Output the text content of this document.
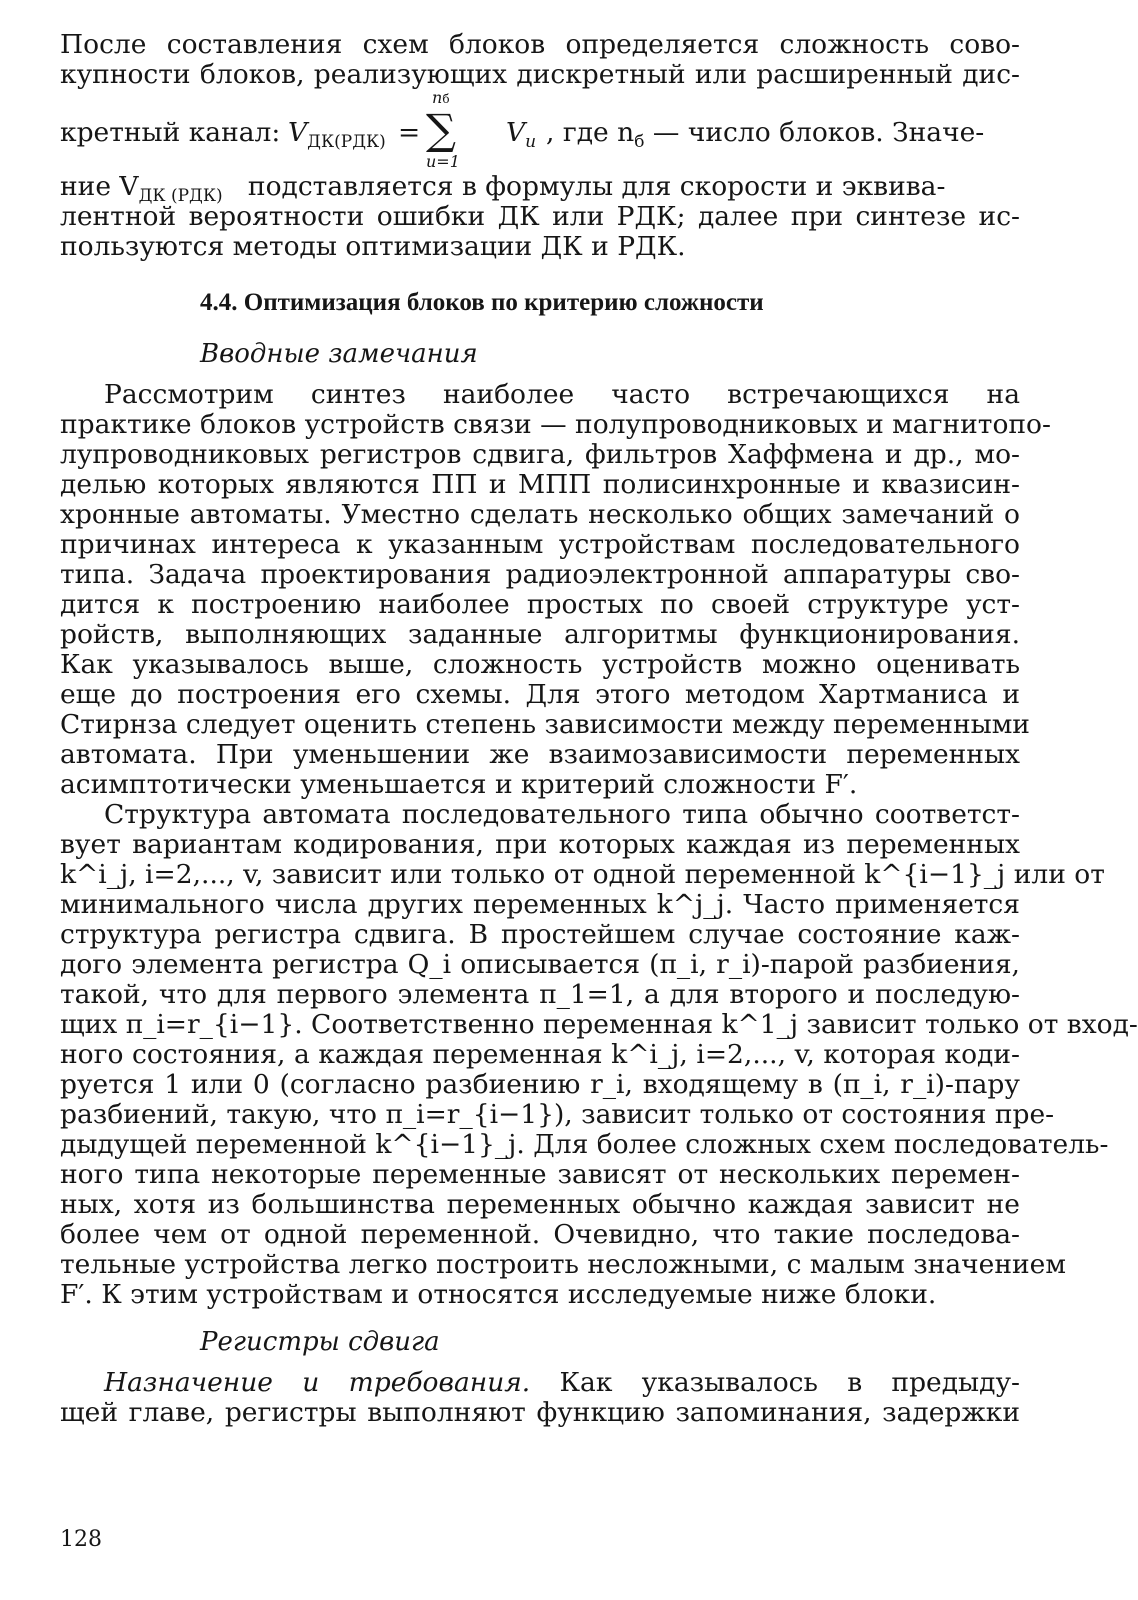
После составления схем блоков определяется сложность сово-
купности блоков, реализующих дискретный или расширенный дис-
кретный канал: $V_{ДК(РДК)}$ =
nб
∑
u=1
$V_u$ , где $n_б$ — число блоков. Значе-
ние $V_{ДК (РДК)}$   подставляется в формулы для скорости и эквива-
лентной вероятности ошибки ДК или РДК; далее при синтезе ис-
пользуются методы оптимизации ДК и РДК.
4.4. Оптимизация блоков по критерию сложности
Вводные замечания
Рассмотрим синтез наиболее часто встречающихся на
практике блоков устройств связи — полупроводниковых и магнитопо-
лупроводниковых регистров сдвига, фильтров Хаффмена и др., мо-
делью которых являются ПП и МПП полисинхронные и квазисин-
хронные автоматы. Уместно сделать несколько общих замечаний о
причинах интереса к указанным устройствам последовательного
типа. Задача проектирования радиоэлектронной аппаратуры сво-
дится к построению наиболее простых по своей структуре уст-
ройств, выполняющих заданные алгоритмы функционирования.
Как указывалось выше, сложность устройств можно оценивать
еще до построения его схемы. Для этого методом Хартманиса и
Стирнза следует оценить степень зависимости между переменными
автомата. При уменьшении же взаимозависимости переменных
асимптотически уменьшается и критерий сложности F′.
Структура автомата последовательного типа обычно соответст-
вует вариантам кодирования, при которых каждая из переменных
k^i_j, i=2,..., v, зависит или только от одной переменной k^{i−1}_j или от
минимального числа других переменных k^j_j. Часто применяется
структура регистра сдвига. В простейшем случае состояние каж-
дого элемента регистра Q_i описывается (π_i, r_i)-парой разбиения,
такой, что для первого элемента π_1=1, а для второго и последую-
щих π_i=r_{i−1}. Соответственно переменная k^1_j зависит только от вход-
ного состояния, а каждая переменная k^i_j, i=2,..., v, которая коди-
руется 1 или 0 (согласно разбиению r_i, входящему в (π_i, r_i)-пару
разбиений, такую, что π_i=r_{i−1}), зависит только от состояния пре-
дыдущей переменной k^{i−1}_j. Для более сложных схем последователь-
ного типа некоторые переменные зависят от нескольких перемен-
ных, хотя из большинства переменных обычно каждая зависит не
более чем от одной переменной. Очевидно, что такие последова-
тельные устройства легко построить несложными, с малым значением
F′. К этим устройствам и относятся исследуемые ниже блоки.
Регистры сдвига
Назначение и требования. Как указывалось в предыду-
щей главе, регистры выполняют функцию запоминания, задержки
128
